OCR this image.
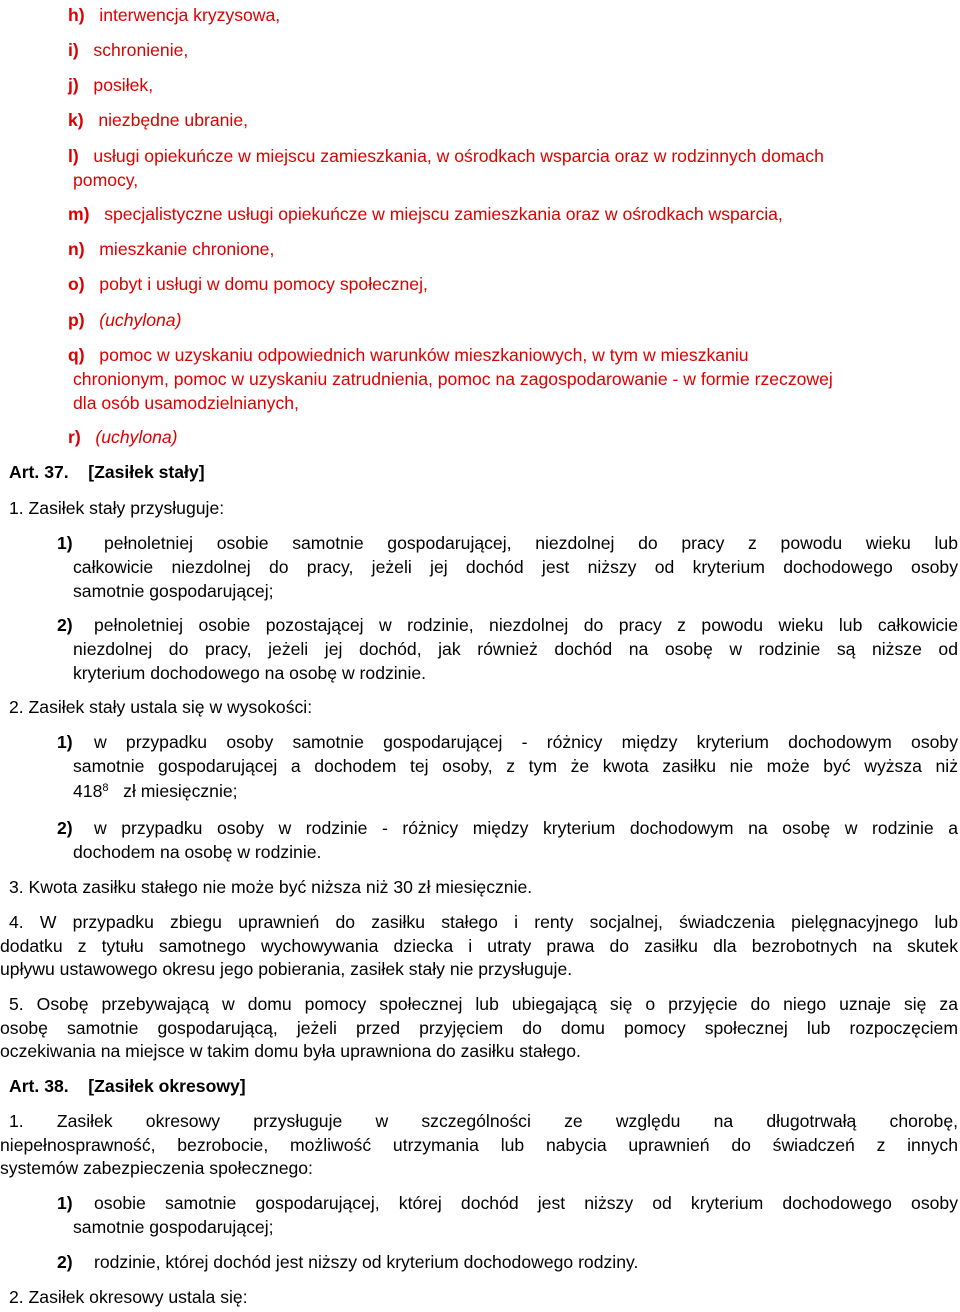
h) interwencja kryzysowa,
i) schronienie,
j) posiłek,
k) niezbędne ubranie,
l) usługi opiekuńcze w miejscu zamieszkania, w ośrodkach wsparcia oraz w rodzinnych domach
pomocy,
m) specjalistyczne usługi opiekuńcze w miejscu zamieszkania oraz w ośrodkach wsparcia,
n) mieszkanie chronione,
o) pobyt i usługi w domu pomocy społecznej,
p) (uchylona)
q) pomoc w uzyskaniu odpowiednich warunków mieszkaniowych, w tym w mieszkaniu
chronionym, pomoc w uzyskaniu zatrudnienia, pomoc na zagospodarowanie - w formie rzeczowej
dla osób usamodzielnianych,
r) (uchylona)
Art. 37. [Zasiłek stały]
1. Zasiłek stały przysługuje:
1) pełnoletniej osobie samotnie gospodarującej, niezdolnej do pracy z powodu wieku lub
całkowicie niezdolnej do pracy, jeżeli jej dochód jest niższy od kryterium dochodowego osoby
samotnie gospodarującej;
2) pełnoletniej osobie pozostającej w rodzinie, niezdolnej do pracy z powodu wieku lub całkowicie
niezdolnej do pracy, jeżeli jej dochód, jak również dochód na osobę w rodzinie są niższe od
kryterium dochodowego na osobę w rodzinie.
2. Zasiłek stały ustala się w wysokości:
1) w przypadku osoby samotnie gospodarującej - różnicy między kryterium dochodowym osoby
samotnie gospodarującej a dochodem tej osoby, z tym że kwota zasiłku nie może być wyższa niż
$418^8$ zł miesięcznie;
2) w przypadku osoby w rodzinie - różnicy między kryterium dochodowym na osobę w rodzinie a
dochodem na osobę w rodzinie.
3. Kwota zasiłku stałego nie może być niższa niż 30 zł miesięcznie.
4. W przypadku zbiegu uprawnień do zasiłku stałego i renty socjalnej, świadczenia pielęgnacyjnego lub
dodatku z tytułu samotnego wychowywania dziecka i utraty prawa do zasiłku dla bezrobotnych na skutek
upływu ustawowego okresu jego pobierania, zasiłek stały nie przysługuje.
5. Osobę przebywającą w domu pomocy społecznej lub ubiegającą się o przyjęcie do niego uznaje się za
osobę samotnie gospodarującą, jeżeli przed przyjęciem do domu pomocy społecznej lub rozpoczęciem
oczekiwania na miejsce w takim domu była uprawniona do zasiłku stałego.
Art. 38. [Zasiłek okresowy]
1. Zasiłek okresowy przysługuje w szczególności ze względu na długotrwałą chorobę,
niepełnosprawność, bezrobocie, możliwość utrzymania lub nabycia uprawnień do świadczeń z innych
systemów zabezpieczenia społecznego:
1) osobie samotnie gospodarującej, której dochód jest niższy od kryterium dochodowego osoby
samotnie gospodarującej;
2) rodzinie, której dochód jest niższy od kryterium dochodowego rodziny.
2. Zasiłek okresowy ustala się:
